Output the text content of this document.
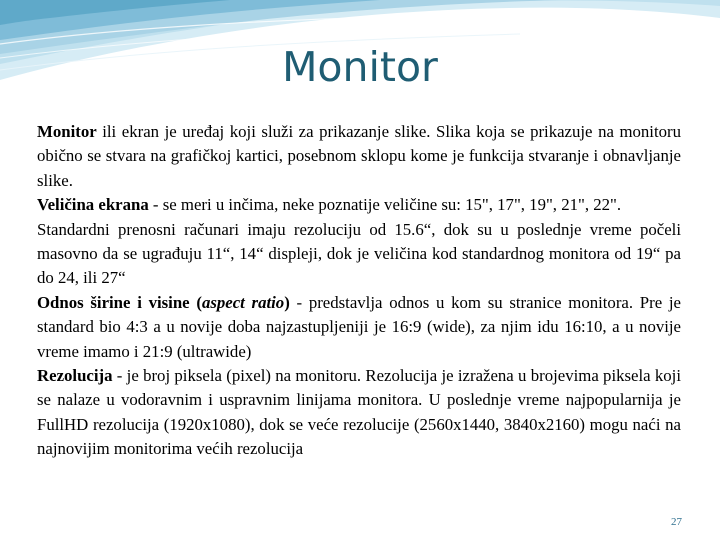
Monitor

Monitor ili ekran je uređaj koji služi za prikazanje slike. Slika koja se prikazuje na monitoru obično se stvara na grafičkoj kartici, posebnom sklopu kome je funkcija stvaranje i obnavljanje slike.

Veličina ekrana - se meri u inčima, neke poznatije veličine su: 15", 17", 19", 21", 22".

Standardni prenosni računari imaju rezoluciju od 15.6“, dok su u poslednje vreme počeli masovno da se ugrađuju 11“, 14“ displeji, dok je veličina kod standardnog monitora od 19“ pa do 24, ili 27“

Odnos širine i visine (aspect ratio) - predstavlja odnos u kom su stranice monitora. Pre je standard bio 4:3 a u novije doba najzastupljeniji je 16:9 (wide), za njim idu 16:10, a u novije vreme imamo i 21:9 (ultrawide)

Rezolucija - je broj piksela (pixel) na monitoru. Rezolucija je izražena u brojevima piksela koji se nalaze u vodoravnim i uspravnim linijama monitora. U poslednje vreme najpopularnija je FullHD rezolucija (1920x1080), dok se veće rezolucije (2560x1440, 3840x2160) mogu naći na najnovijim monitorima većih rezolucija

27
